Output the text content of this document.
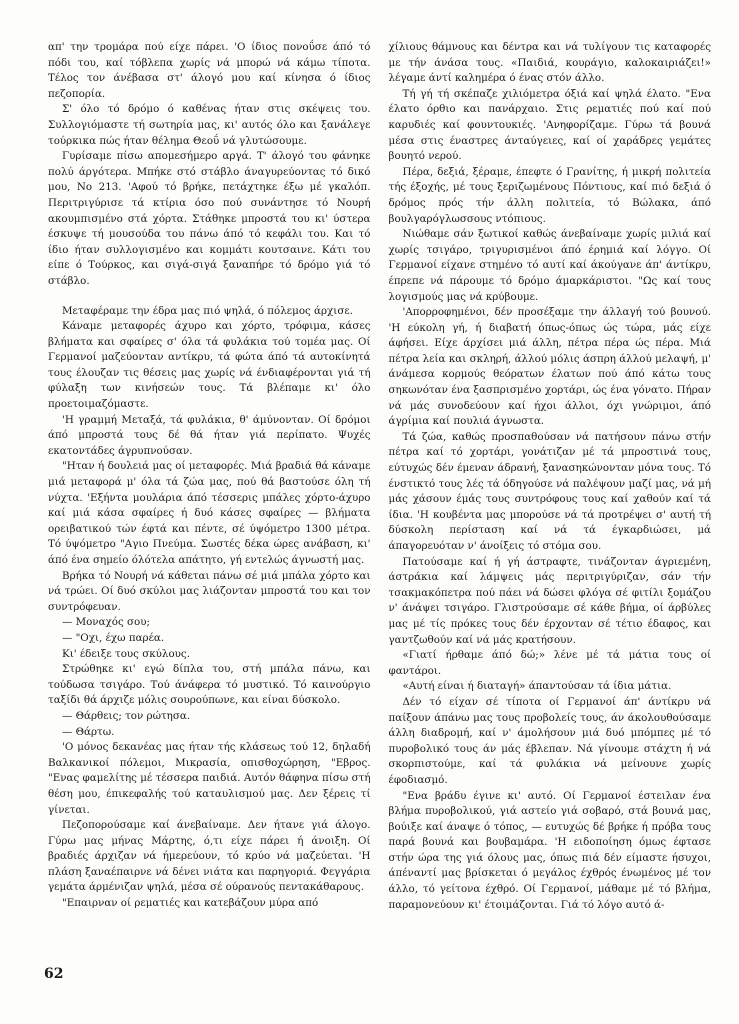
απ' την τρομάρα πού είχε πάρει. 'Ο ίδιος πονοΰσε άπό τό πόδι του, καί τόβλεπα χωρίς νά μπορώ νά κάμω τίποτα. Τέλος τον άνέβασα στ' άλογό μου καί κίνησα ό ίδιος πεζοπορία.

Σ' όλο τό δρόμο ό καθένας ήταν στις σκέψεις του. Συλλογιόμαστε τή σωτηρία μας, κι' αυτός όλο και ξανάλεγε τούρκικα πώς ήταν θέλημα Θεοΰ νά γλυτώσουμε.

Γυρίσαμε πίσω απομεσήμερο αργά. Τ' άλογό του φάνηκε πολύ άργότερα. Μπήκε στό στάβλο άναγυρεύοντας τό δικό μου, Νο 213. 'Αφού τό βρήκε, πετάχτηκε έξω μέ γκαλόπ. Περιτριγύρισε τά κτίρια όσο πού συνάντησε τό Νουρή ακουμπισμένο στά χόρτα. Στάθηκε μπροστά του κι' ύστερα έσκυψε τή μουσούδα του πάνω άπό τό κεφάλι του. Και τό ίδιο ήταν συλλογισμένο και κομμάτι κουτσαινε. Κάτι του είπε ό Τούρκος, και σιγά-σιγά ξαναπήρε τό δρόμο γιά τό στάβλο.

Μεταφέραμε την έδρα μας πιό ψηλά, ό πόλεμος άρχισε.

Κάναμε μεταφορές άχυρο και χόρτο, τρόφιμα, κάσες βλήματα και σφαίρες σ' όλα τά φυλάκια τού τομέα μας. Οί Γερμανοί μαζεύονταν αντίκρυ, τά φώτα άπό τά αυτοκίνητά τους έλουζαν τις θέσεις μας χωρίς νά ένδιαφέρονται γιά τή φύλαξη των κινήσεών τους. Τά βλέπαμε κι' όλο προετοιμαζόμαστε.

'Η γραμμή Μεταξά, τά φυλάκια, θ' άμύνονταν. Οί δρόμοι άπό μπροστά τους δέ θά ήταν γιά περίπατο. Ψυχές εκατοντάδες άγρυπνούσαν.

"Ηταν ή δουλειά μας οί μεταφορές. Μιά βραδιά θά κάναμε μιά μεταφορά μ' όλα τά ζώα μας, πού θά βαστούσε όλη τή νύχτα. 'Εξήντα μουλάρια άπό τέσσερις μπάλες χόρτο-άχυρο καί μιά κάσα σφαίρες ή δυό κάσες σφαίρες — βλήματα ορειβατικού τών έφτά και πέντε, σέ ύψόμετρο 1300 μέτρα. Τό ύψόμετρο "Αγιο Πνεύμα. Σωστές δέκα ώρες ανάβαση, κι' άπό ένα σημείο όλότελα απάτητο, γή εντελώς άγνωστή μας.

Βρήκα τό Νουρή νά κάθεται πάνω σέ μιά μπάλα χόρτο και νά τρώει. Οί δυό σκύλοι μας λιάζονταν μπροστά του και τον συντρόφευαν.

— Μοναχός σου;

— "Οχι, έχω παρέα.

Κι' έδειξε τους σκύλους.

Στρώθηκε κι' εγώ δίπλα του, στή μπάλα πάνω, και τούδωσα τσιγάρο. Τού άνάφερα τό μυστικό. Τό καινούργιο ταξίδι θά άρχιζε μόλις σουρούπωνε, και είναι δύσκολο.

— Θάρθεις; τον ρώτησα.

— Θάρτω.

'Ο μόνος δεκανέας μας ήταν τής κλάσεως τού 12, δηλαδή Βαλκανικοί πόλεμοι, Μικρασία, οπισθοχώρηση, "Εβρος. "Ενας φαμελίτης μέ τέσσερα παιδιά. Αυτόν θάφηνα πίσω στή θέση μου, έπικεφαλής τού καταυλισμού μας. Δεν ξέρεις τί γίνεται.

Πεζοπορούσαμε καί άνεβαίναμε. Δεν ήτανε γιά άλογο. Γύρω μας μήνας Μάρτης, ό,τι είχε πάρει ή άνοιξη. Οί βραδιές άρχιζαν νά ήμερεύουν, τό κρύο νά μαζεύεται. 'Η πλάση ξαναέπαιρνε νά δένει νιάτα και παρηγοριά. Φεγγάρια γεμάτα άρμένιζαν ψηλά, μέσα σέ ούρανούς πεντακάθαρους.

"Επαιρναν οί ρεματιές και κατεβάζουν μύρα από

χίλιους θάμνους και δέντρα και νά τυλίγουν τις καταφορές με τήν άνάσα τους. «Παιδιά, κουράγιο, καλοκαιριάζει!» λέγαμε άντί καλημέρα ό ένας στόν άλλο.

Τή γή τή σκέπαζε χιλιόμετρα όξιά καί ψηλά έλατο. "Ενα έλατο όρθιο και πανάρχαιο. Στις ρεματιές πού καί πού καρυδιές καί φουντουκιές. 'Ανηφορίζαμε. Γύρω τά βουνά μέσα στις έναστρες άνταύγειες, καί οί χαράδρες γεμάτες βουητό νερού.

Πέρα, δεξιά, ξέραμε, έπεφτε ό Γρανίτης, ή μικρή πολιτεία τής έξοχής, μέ τους ξεριζωμένους Πόντιους, καί πιό δεξιά ό δρόμος πρός τήν άλλη πολιτεία, τό Βώλακα, άπό βουλγαρόγλωσσους ντόπιους.

Νιώθαμε σάν ξωτικοί καθώς άνεβαίναμε χωρίς μιλιά καί χωρίς τσιγάρο, τριγυρισμένοι άπό έρημιά καί λόγγο. Οί Γερμανοί είχανε στημένο τό αυτί καί άκούγανε άπ' άντίκρυ, έπρεπε νά πάρουμε τό δρόμο άμαρκάριστοι. "Ως καί τους λογισμούς μας νά κρύβουμε.

'Απορροφημένοι, δέν προσέξαμε την άλλαγή τού βουνού. 'Η εύκολη γή, ή διαβατή όπως-όπως ώς τώρα, μάς είχε άφήσει. Είχε άρχίσει μιά άλλη, πέτρα πέρα ώς πέρα. Μιά πέτρα λεία και σκληρή, άλλού μόλις άσπρη άλλού μελαψή, μ' άνάμεσα κορμούς θεόρατων έλατων πού άπό κάτω τους σηκωνόταν ένα ξασπρισμένο χορτάρι, ώς ένα γόνατο. Πήραν νά μάς συνοδεύουν καί ήχοι άλλοι, όχι γνώριμοι, άπό άγρίμια καί πουλιά άγνωστα.

Τά ζώα, καθώς προσπαθούσαν νά πατήσουν πάνω στήν πέτρα καί τό χορτάρι, γονάτιζαν μέ τά μπροστινά τους, εύτυχώς δέν έμεναν άδρανή, ξανασηκώνονταν μόνα τους. Τό ένστικτό τους λές τά όδηγούσε νά παλέψουν μαζί μας, νά μή μάς χάσουν έμάς τους συντρόφους τους καί χαθούν καί τά ίδια. 'Η κουβέντα μας μπορούσε νά τά προτρέψει σ' αυτή τή δύσκολη περίσταση καί νά τά έγκαρδιώσει, μά άπαγορευόταν ν' άνοίξεις τό στόμα σου.

Πατούσαμε καί ή γή άστραφτε, τινάζονταν άγριεμένη, άστράκια καί λάμψεις μάς περιτριγύριζαν, σάν τήν τσακμακόπετρα πού πάει νά δώσει φλόγα σέ φιτίλι ξομάζου ν' άνάψει τσιγάρο. Γλιστρούσαμε σέ κάθε βήμα, οί άρβύλες μας μέ τίς πρόκες τους δέν έρχονταν σέ τέτιο έδαφος, και γαντζωθούν καί νά μάς κρατήσουν.

«Γιατί ήρθαμε άπό δώ;» λένε μέ τά μάτια τους οί φαντάροι.

«Αυτή είναι ή διαταγή» άπαντούσαν τά ίδια μάτια.

Δέν τό είχαν σέ τίποτα οί Γερμανοί άπ' άντίκρυ νά παίξουν άπάνω μας τους προβολείς τους, άν άκολουθούσαμε άλλη διαδρομή, καί ν' άμολήσουν μιά δυό μπόμπες μέ τό πυροβολικό τους άν μάς έβλεπαν. Νά γίνουμε στάχτη ή νά σκορπιστούμε, καί τά φυλάκια νά μείνουνε χωρίς έφοδιασμό.

"Ενα βράδυ έγινε κι' αυτό. Οί Γερμανοί έστειλαν ένα βλήμα πυροβολικού, γιά αστείο γιά σοβαρό, στά βουνά μας, βούιξε καί άναψε ό τόπος, — ευτυχώς δέ βρήκε ή πρόβα τους παρά βουνά και βουβαμάρα. 'Η ειδοποίηση όμως έφτασε στήν ώρα της γιά όλους μας, όπως πιά δέν είμαστε ήσυχοι, άπέναντί μας βρίσκεται ό μεγάλος έχθρός ένωμένος μέ τον άλλο, τό γείτονα έχθρό. Οί Γερμανοί, μάθαμε μέ τό βλήμα, παραμονεύουν κι' έτοιμάζονται. Γιά τό λόγο αυτό ά-

62
